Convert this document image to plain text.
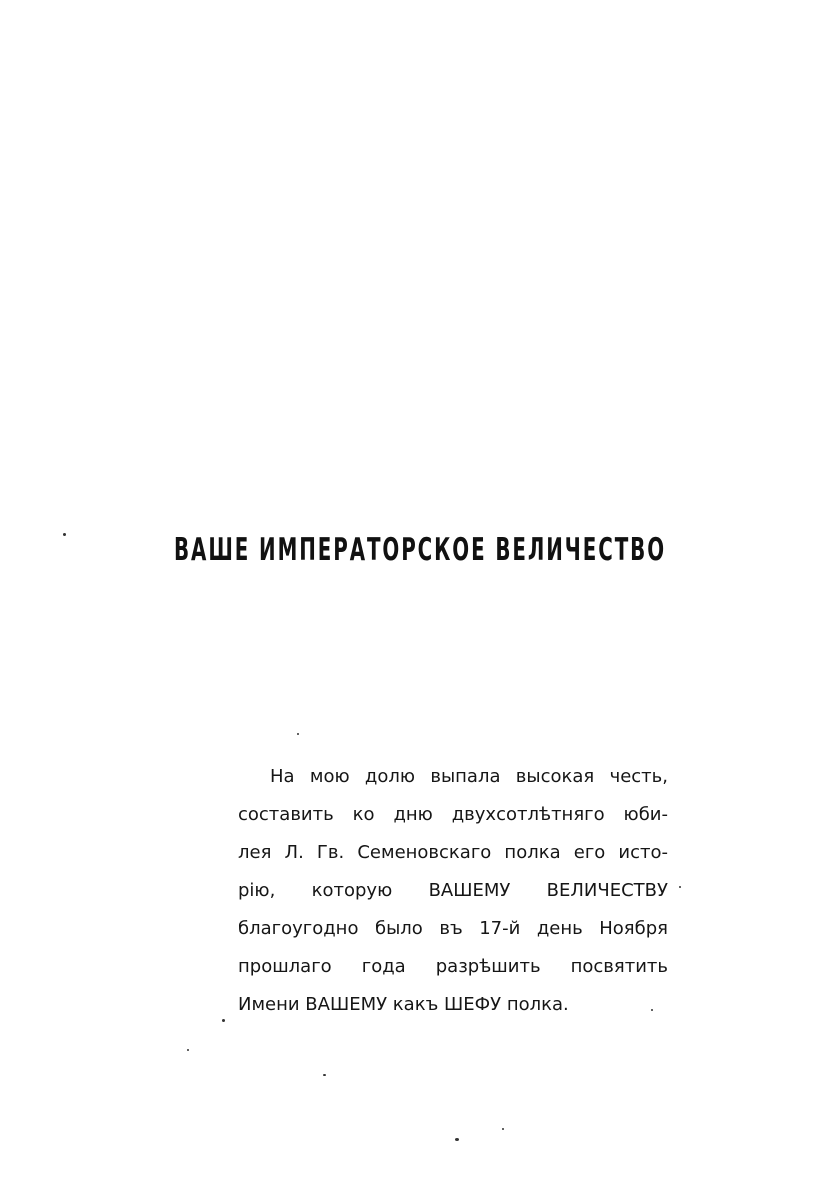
ВАШЕ ИМПЕРАТОРСКОЕ ВЕЛИЧЕСТВО
На мою долю выпала высокая честь,
составить ко дню двухсотлѣтняго юби-
лея Л. Гв. Семеновскаго полка его исто-
рію, которую ВАШЕМУ ВЕЛИЧЕСТВУ
благоугодно было въ 17-й день Ноября
прошлаго года разрѣшить посвятить
Имени ВАШЕМУ какъ ШЕФУ полка.
